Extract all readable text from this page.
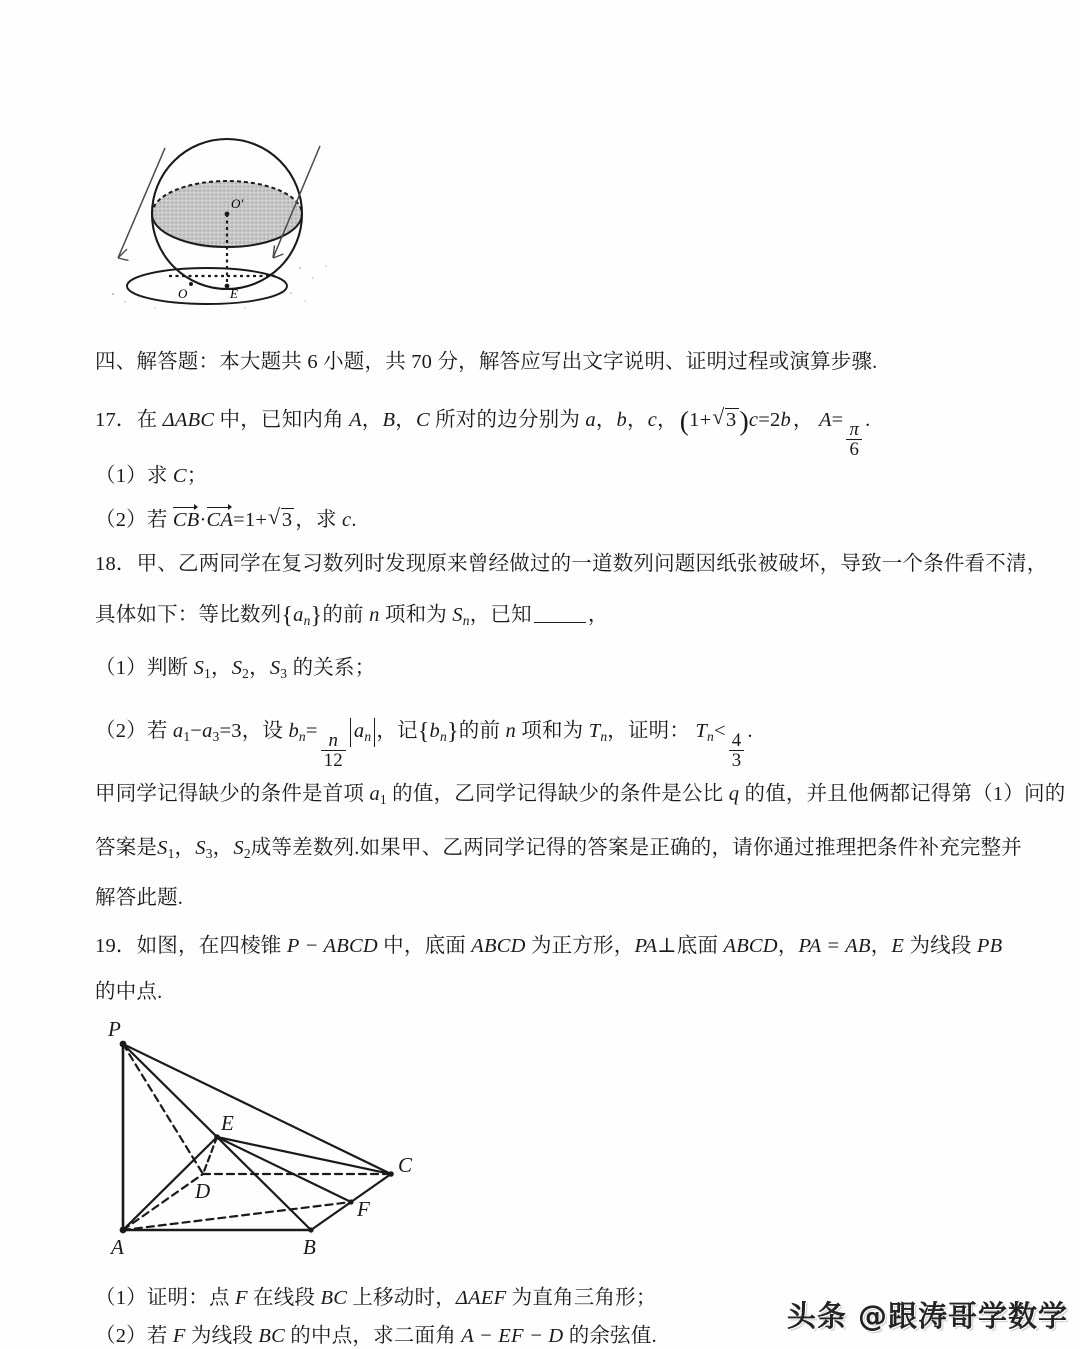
O'
O	E
四、解答题：本大题共 6 小题，共 70 分，解答应写出文字说明、证明过程或演算步骤.
17．在 ΔABC 中，已知内角 A，B，C 所对的边分别为 a，b，c，(1+ √ 3 )c=2b， A=
$\frac{\pi}{6}$
.
（1）求 C；
（2）若 CB·CA=1+ √ 3 ，求 c.
18．甲、乙两同学在复习数列时发现原来曾经做过的一道数列问题因纸张被破坏，导致一个条件看不清，
具体如下：等比数列$\{a_n\}$的前 n 项和为 $S_n$，已知	，
（1）判断 S1，S2，S3 的关系；
（2）若 a1−a3=3，设 $b_n=$
$\frac{n}{12}$
$a_n$ ，记$\{b_n\}$的前 n 项和为 $T_n$，证明： $T_n<$
$\frac{4}{3}$
.
甲同学记得缺少的条件是首项 a1 的值，乙同学记得缺少的条件是公比 q 的值，并且他俩都记得第（1）问的
答案是S1，S3，S2成等差数列.如果甲、乙两同学记得的答案是正确的，请你通过推理把条件补充完整并
解答此题.
19．如图，在四棱锥 P − ABCD 中，底面 ABCD 为正方形，PA⊥底面 ABCD，PA = AB，E 为线段 PB
的中点.
P
E
C
D
F
A	B
（1）证明：点 F 在线段 BC 上移动时，ΔAEF 为直角三角形；
（2）若 F 为线段 BC 的中点，求二面角 A − EF − D 的余弦值.
头条 @跟涛哥学数学
